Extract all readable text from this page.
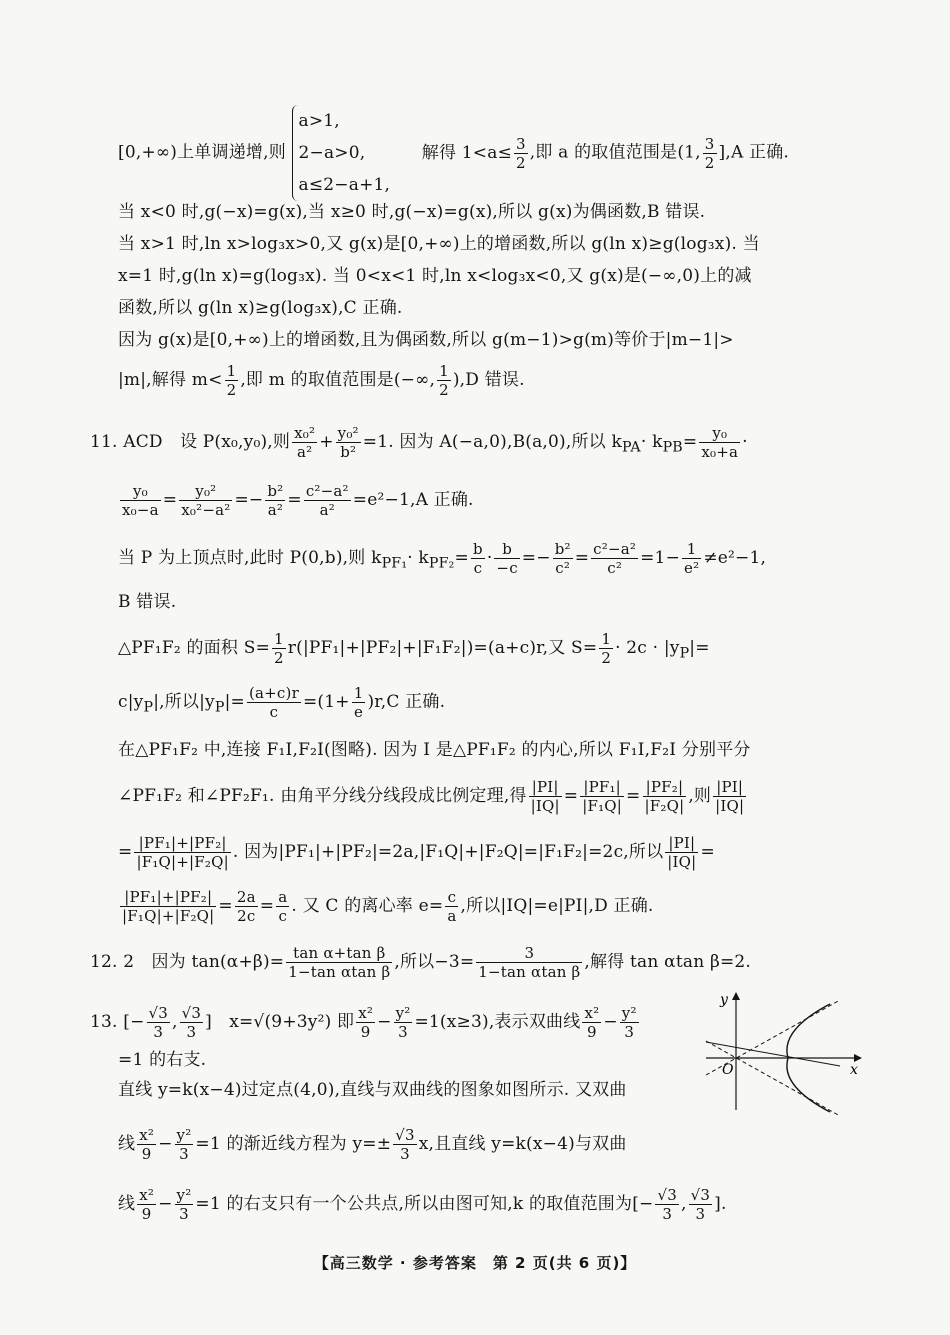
[0,+∞)上单调递增,则
a>1,
2−a>0,
a≤2−a+1,
解得 $1<a\le \frac{3}{2}$ ,即 a 的取值范围是(1, $\frac{3}{2} ],A$ 正确.
当 x<0 时,g(−x)=g(x),当 x≥0 时,g(−x)=g(x),所以 g(x)为偶函数,B 错误.
当 x>1 时,ln x>log₃x>0,又 g(x)是[0,+∞)上的增函数,所以 g(ln x)≥g(log₃x). 当
x=1 时,g(ln x)=g(log₃x). 当 0<x<1 时,ln x<log₃x<0,又 g(x)是(−∞,0)上的减
函数,所以 g(ln x)≥g(log₃x),C 正确.
因为 g(x)是[0,+∞)上的增函数,且为偶函数,所以 g(m−1)>g(m)等价于|m−1|>
|m|,解得 $m< \frac{1}{2}$ ,即 m 的取值范围是(−∞, $\frac{1}{2} ),D$ 错误.
11. ACD　设 P(x₀,y₀),则 $\frac{\text{x₀²}}{\text{a²}} + \frac{\text{y₀²}}{\text{b²}} =1$. 因为 A(−a,0),B(a,0),所以 $k_{PA}\cdot k_{PB}= \frac{\text{y₀}}{\text{x₀+a}}$ ·
$\frac{\text{y₀}}{\text{x₀−a}} = \frac{\text{y₀²}}{\text{x₀²−a²}} =- \frac{\text{b²}}{\text{a²}} = \frac{\text{c²−a²}}{\text{a²}} =e^2-1,A$ 正确.
当 P 为上顶点时,此时 P(0,b),则 $k_{PF_1}\cdot k_{PF_2}= \frac{b}{c} \cdot \frac{b}{-c} =- \frac{\text{b²}}{\text{c²}} = \frac{\text{c²−a²}}{\text{c²}} =1- \frac{1}{\text{e²}} \ne e^2-1$,
B 错误.
△PF₁F₂ 的面积 $S= \frac{1}{2} r(|PF_1|+|PF_2|+|F_1F_2|)=(a+c)r$,又 $S= \frac{1}{2} \cdot 2c \cdot |y_P|=$
$c|y_P|$,所以$|y_P|= \frac{(a+c)r}{c} =(1+ \frac{1}{e} )r,C$ 正确.
在△PF₁F₂ 中,连接 F₁I,F₂I(图略). 因为 I 是△PF₁F₂ 的内心,所以 F₁I,F₂I 分别平分
∠PF₁F₂ 和∠PF₂F₁. 由角平分线分线段成比例定理,得 $\frac{|PI|}{|IQ|} = \frac{\text{|PF₁|}}{\text{|F₁Q|}} = \frac{\text{|PF₂|}}{\text{|F₂Q|}}$ ,则 $\frac{|PI|}{|IQ|}$
= $\frac{\text{|PF₁|+|PF₂|}}{\text{|F₁Q|+|F₂Q|}}$ . 因为|PF₁|+|PF₂|=2a,|F₁Q|+|F₂Q|=|F₁F₂|=2c,所以 $\frac{|PI|}{|IQ|}$ =
$\frac{\text{|PF₁|+|PF₂|}}{\text{|F₁Q|+|F₂Q|}} = \frac{2a}{2c} = \frac{a}{c}$ . 又 C 的离心率 $e= \frac{c}{a}$ ,所以|IQ|=e|PI|,D 正确.
12. 2　因为 $\tan(\alpha+\beta)= \frac{\text{tan α+tan β}}{\text{1−tan αtan β}}$ ,所以$-3= \frac{3}{\text{1−tan αtan β}}$ ,解得 tan αtan β=2.
13. [− $\frac{√3}{3}$ , $\frac{√3}{3}$ ]　x=√(9+3y²) 即 $\frac{\text{x²}}{9} - \frac{\text{y²}}{3} =1(x\ge 3)$,表示双曲线 $\frac{\text{x²}}{9} - \frac{\text{y²}}{3}$
=1 的右支.
直线 y=k(x−4)过定点(4,0),直线与双曲线的图象如图所示. 又双曲
线 $\frac{\text{x²}}{9} - \frac{\text{y²}}{3} =1$ 的渐近线方程为 $y=\pm \frac{√3}{3} x$,且直线 y=k(x−4)与双曲
线 $\frac{\text{x²}}{9} - \frac{\text{y²}}{3} =1$ 的右支只有一个公共点,所以由图可知,k 的取值范围为[− $\frac{√3}{3}$ , $\frac{√3}{3}$ ].
y
x
O
【高三数学 · 参考答案　第 2 页(共 6 页)】
